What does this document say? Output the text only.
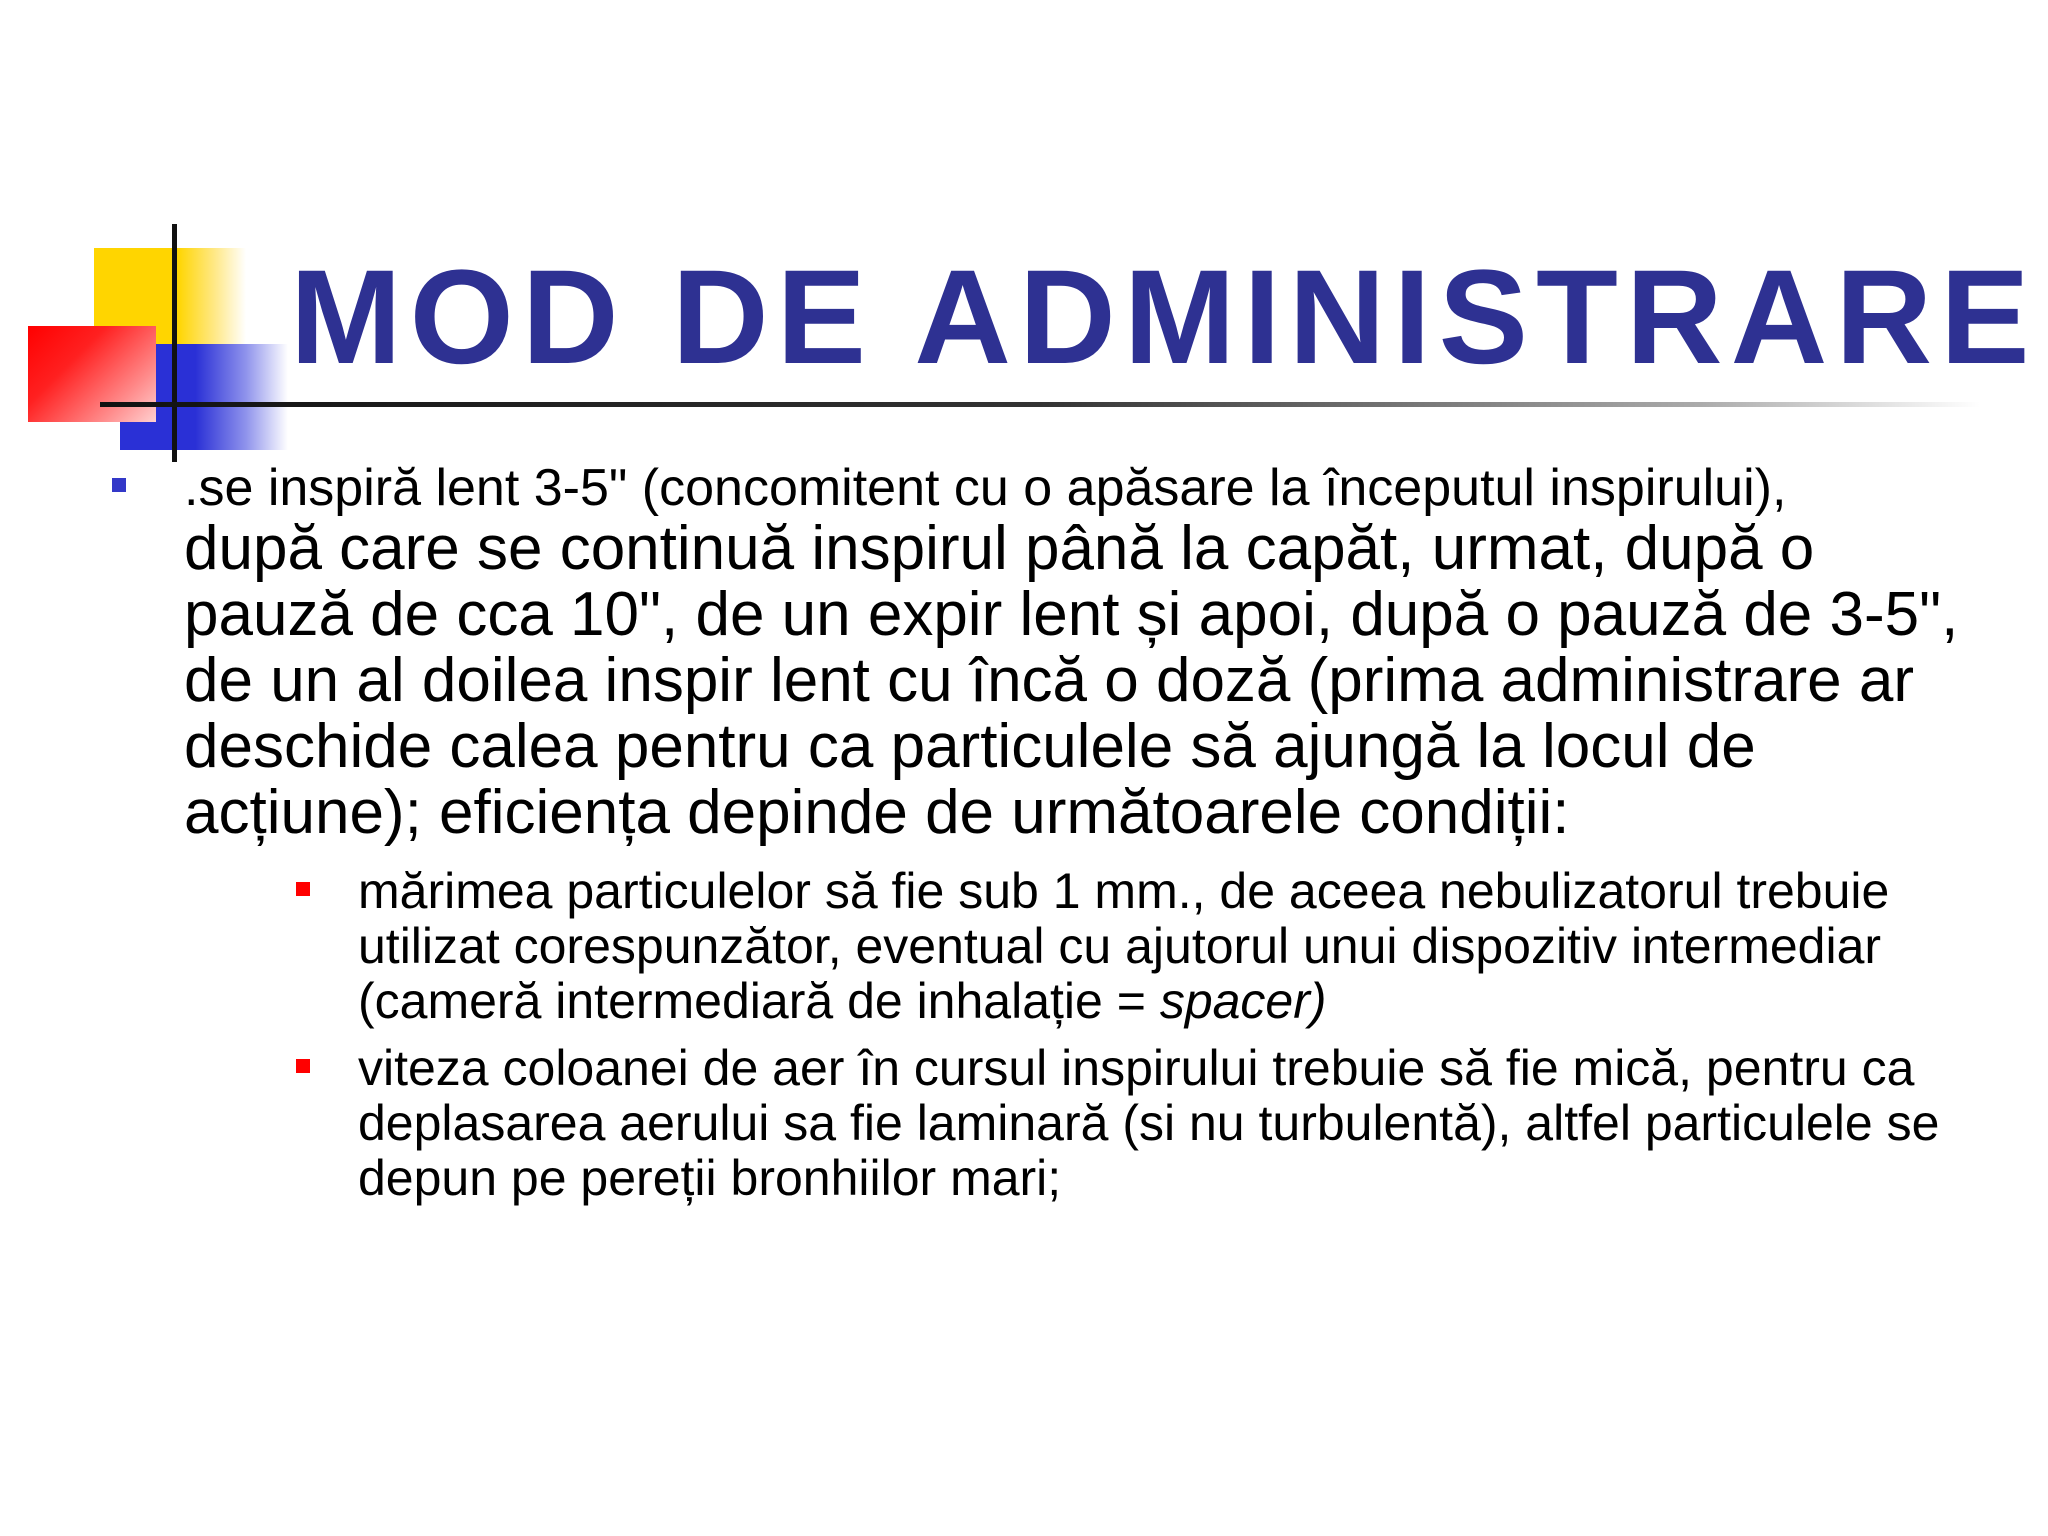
MOD DE ADMINISTRARE
.se inspiră lent 3-5" (concomitent cu o apăsare la începutul inspirului),
după care se continuă inspirul până la capăt, urmat, după o pauză de cca 10", de un expir lent și apoi, după o pauză de 3-5", de un al doilea inspir lent cu încă o doză (prima administrare ar deschide calea pentru ca particulele să ajungă la locul de acțiune); eficiența depinde de următoarele condiții:
mărimea particulelor să fie sub 1 mm., de aceea nebulizatorul trebuie utilizat corespunzător, eventual cu ajutorul unui dispozitiv intermediar (cameră intermediară de inhalație = spacer)
viteza coloanei de aer în cursul inspirului trebuie să fie mică, pentru ca deplasarea aerului sa fie laminară (si nu turbulentă), altfel particulele se depun pe pereții bronhiilor mari;
